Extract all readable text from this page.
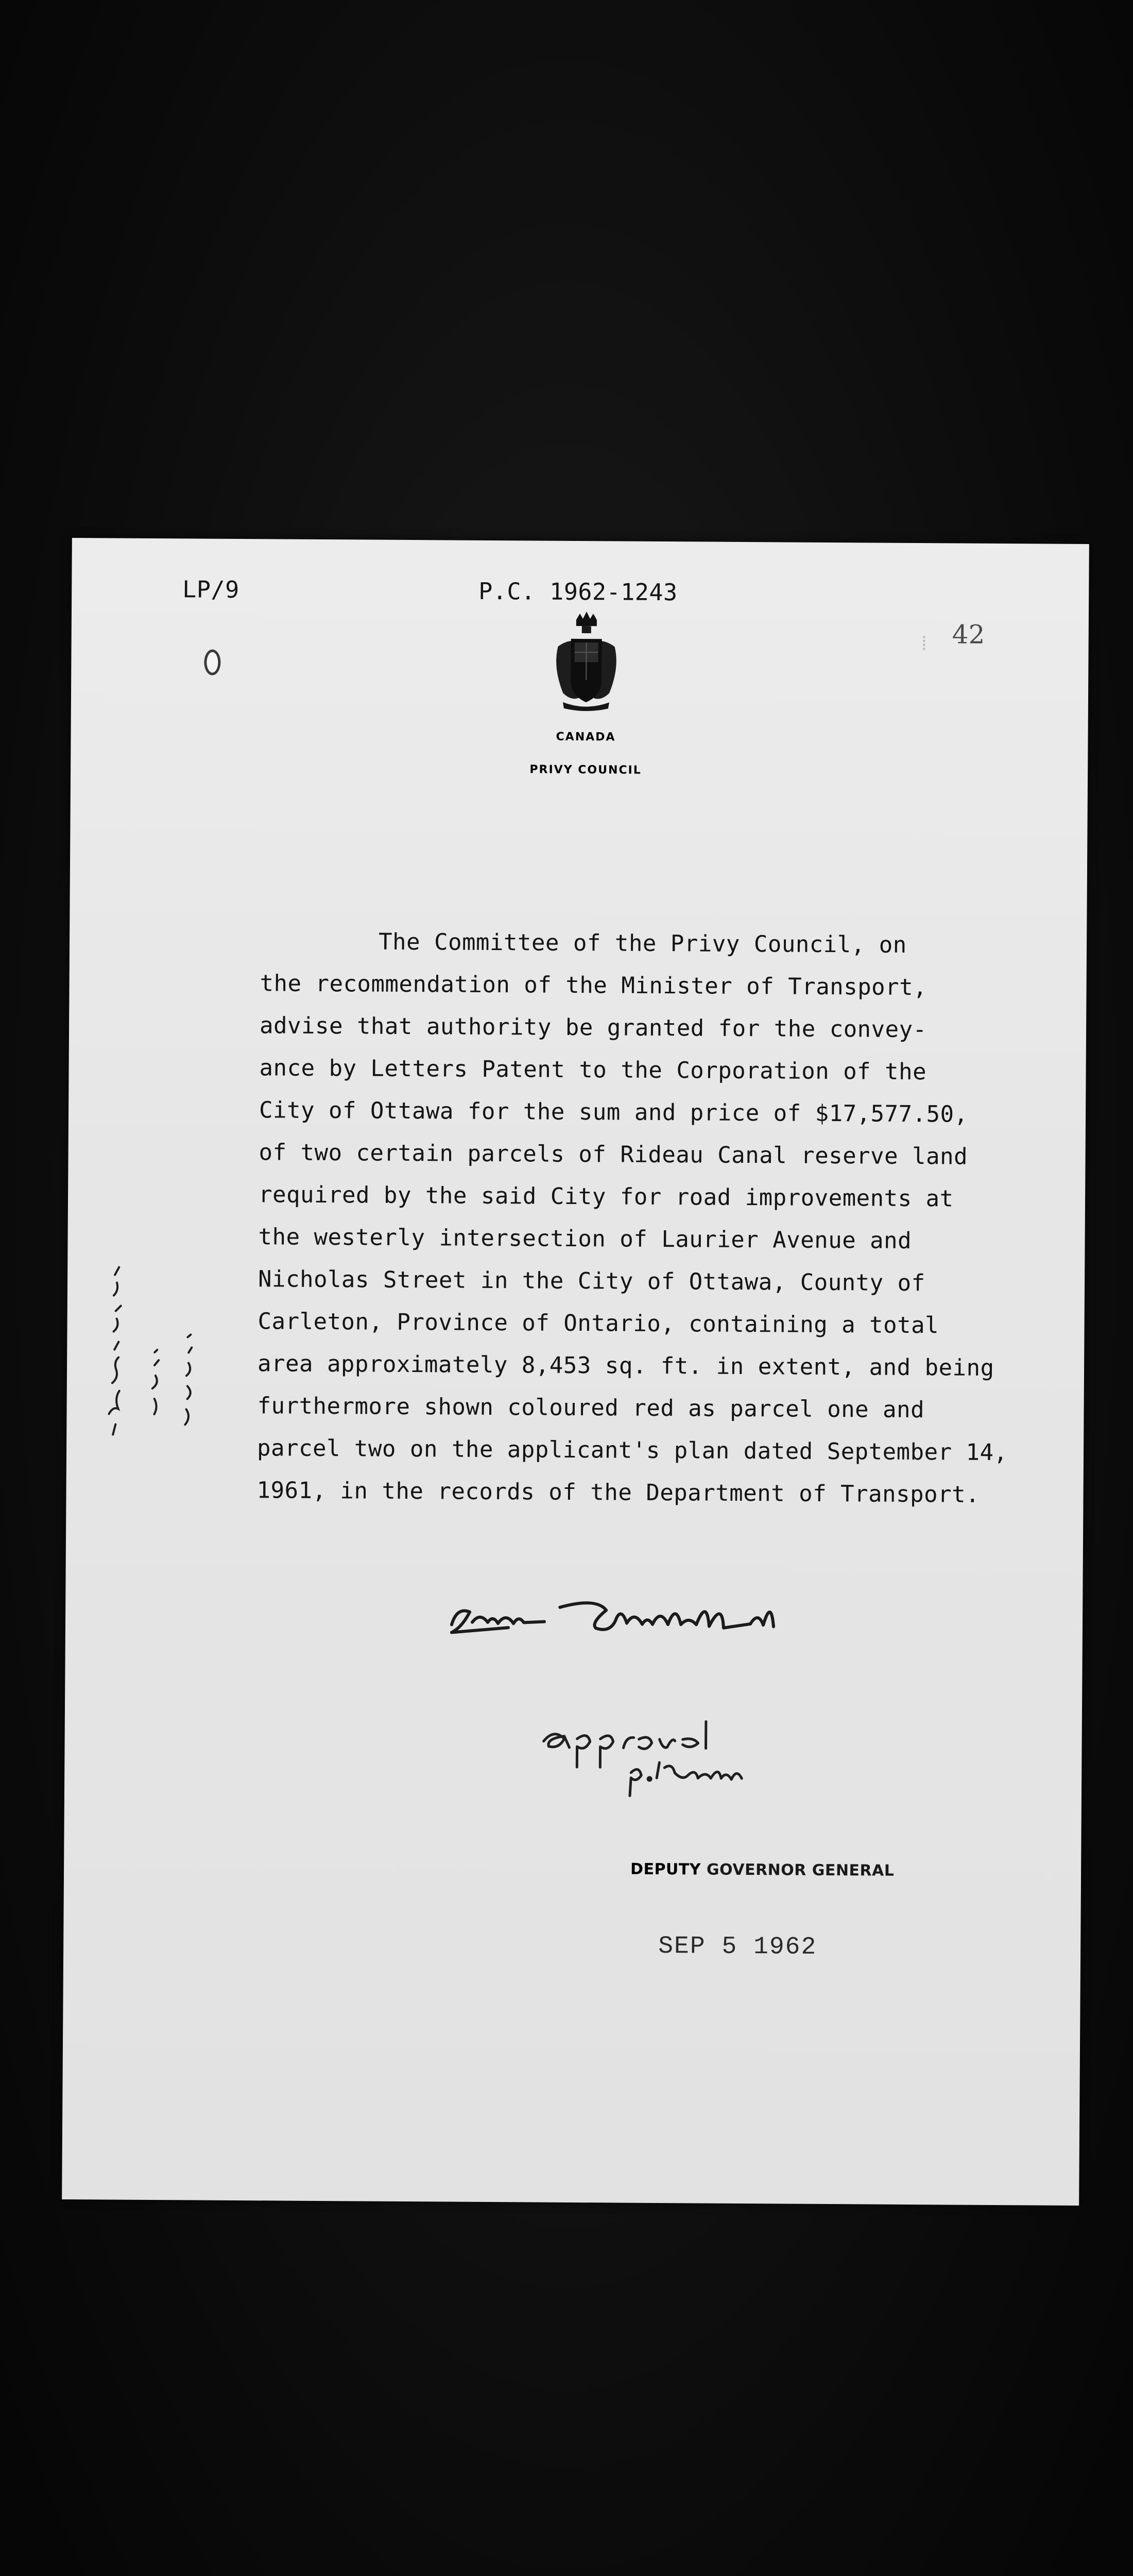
LP/9	P.C. 1962-1243
42
CANADA
PRIVY COUNCIL
The Committee of the Privy Council, on
the recommendation of the Minister of Transport,
advise that authority be granted for the convey-
ance by Letters Patent to the Corporation of the
City of Ottawa for the sum and price of $17,577.50,
of two certain parcels of Rideau Canal reserve land
required by the said City for road improvements at
the westerly intersection of Laurier Avenue and
Nicholas Street in the City of Ottawa, County of
Carleton, Province of Ontario, containing a total
area approximately 8,453 sq. ft. in extent, and being
furthermore shown coloured red as parcel one and
parcel two on the applicant's plan dated September 14,
1961, in the records of the Department of Transport.
DEPUTY GOVERNOR GENERAL
SEP 5 1962
⁞
